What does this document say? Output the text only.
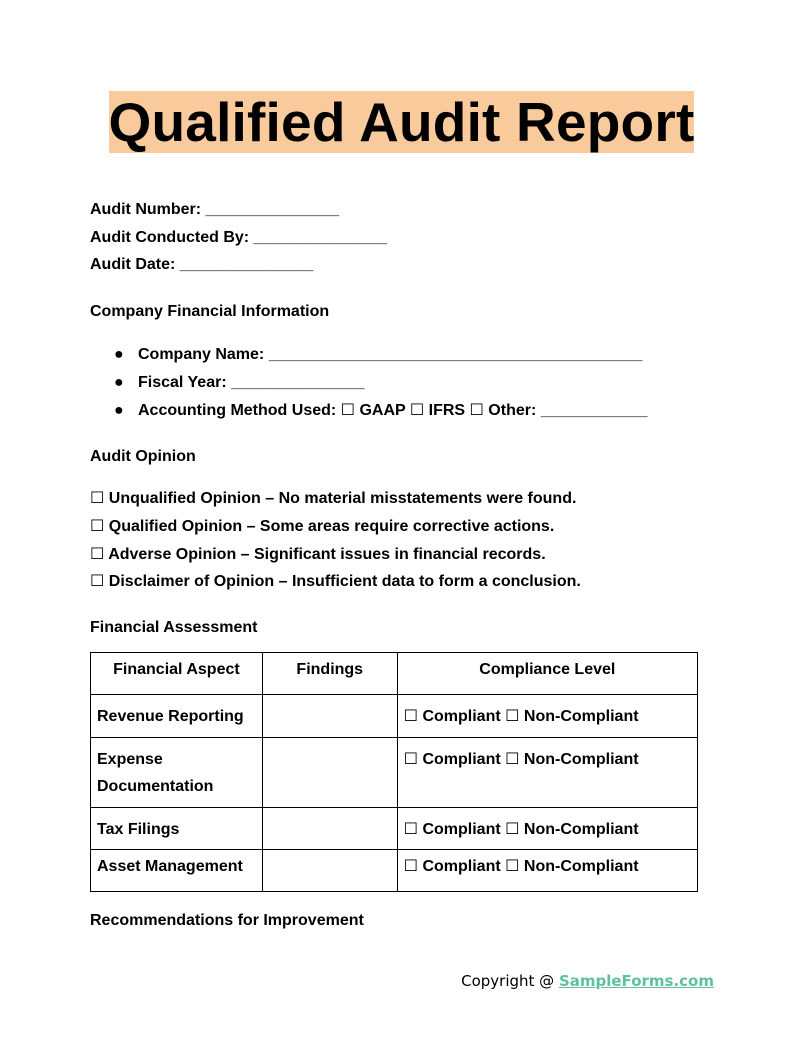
Qualified Audit Report
Audit Number: _______________
Audit Conducted By: _______________
Audit Date: _______________
Company Financial Information
● Company Name: __________________________________________
● Fiscal Year: _______________
● Accounting Method Used: ☐ GAAP ☐ IFRS ☐ Other: ____________
Audit Opinion
☐ Unqualified Opinion – No material misstatements were found.
☐ Qualified Opinion – Some areas require corrective actions.
☐ Adverse Opinion – Significant issues in financial records.
☐ Disclaimer of Opinion – Insufficient data to form a conclusion.
Financial Assessment
Financial Aspect	Findings	Compliance Level
Revenue Reporting		☐ Compliant ☐ Non-Compliant
Expense Documentation		☐ Compliant ☐ Non-Compliant
Tax Filings		☐ Compliant ☐ Non-Compliant
Asset Management		☐ Compliant ☐ Non-Compliant
Recommendations for Improvement
Copyright @ SampleForms.com
